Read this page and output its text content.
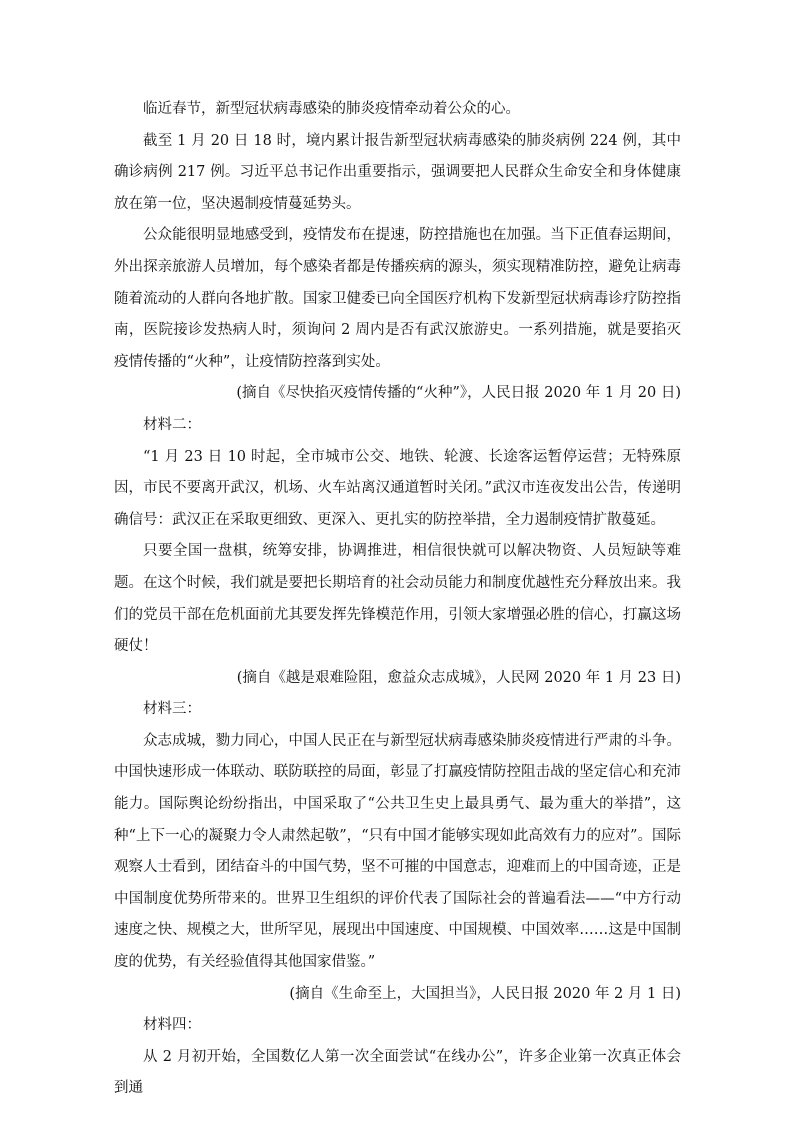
临近春节，新型冠状病毒感染的肺炎疫情牵动着公众的心。

截至 1 月 20 日 18 时，境内累计报告新型冠状病毒感染的肺炎病例 224 例，其中确诊病例 217 例。习近平总书记作出重要指示，强调要把人民群众生命安全和身体健康放在第一位，坚决遏制疫情蔓延势头。

公众能很明显地感受到，疫情发布在提速，防控措施也在加强。当下正值春运期间，外出探亲旅游人员增加，每个感染者都是传播疾病的源头，须实现精准防控，避免让病毒随着流动的人群向各地扩散。国家卫健委已向全国医疗机构下发新型冠状病毒诊疗防控指南，医院接诊发热病人时，须询问 2 周内是否有武汉旅游史。一系列措施，就是要掐灭疫情传播的“火种”，让疫情防控落到实处。

(摘自《尽快掐灭疫情传播的“火种”》，人民日报 2020 年 1 月 20 日)

材料二：

“1 月 23 日 10 时起，全市城市公交、地铁、轮渡、长途客运暂停运营；无特殊原因，市民不要离开武汉，机场、火车站离汉通道暂时关闭。”武汉市连夜发出公告，传递明确信号：武汉正在采取更细致、更深入、更扎实的防控举措，全力遏制疫情扩散蔓延。

只要全国一盘棋，统筹安排，协调推进，相信很快就可以解决物资、人员短缺等难题。在这个时候，我们就是要把长期培育的社会动员能力和制度优越性充分释放出来。我们的党员干部在危机面前尤其要发挥先锋模范作用，引领大家增强必胜的信心，打赢这场硬仗！

(摘自《越是艰难险阻，愈益众志成城》，人民网 2020 年 1 月 23 日)

材料三：

众志成城，勠力同心，中国人民正在与新型冠状病毒感染肺炎疫情进行严肃的斗争。中国快速形成一体联动、联防联控的局面，彰显了打赢疫情防控阻击战的坚定信心和充沛能力。国际舆论纷纷指出，中国采取了“公共卫生史上最具勇气、最为重大的举措”，这种“上下一心的凝聚力令人肃然起敬”，“只有中国才能够实现如此高效有力的应对”。国际观察人士看到，团结奋斗的中国气势，坚不可摧的中国意志，迎难而上的中国奇迹，正是中国制度优势所带来的。世界卫生组织的评价代表了国际社会的普遍看法——“中方行动速度之快、规模之大，世所罕见，展现出中国速度、中国规模、中国效率……这是中国制度的优势，有关经验值得其他国家借鉴。”

(摘自《生命至上，大国担当》，人民日报 2020 年 2 月 1 日)

材料四：

从 2 月初开始，全国数亿人第一次全面尝试“在线办公”，许多企业第一次真正体会到通
